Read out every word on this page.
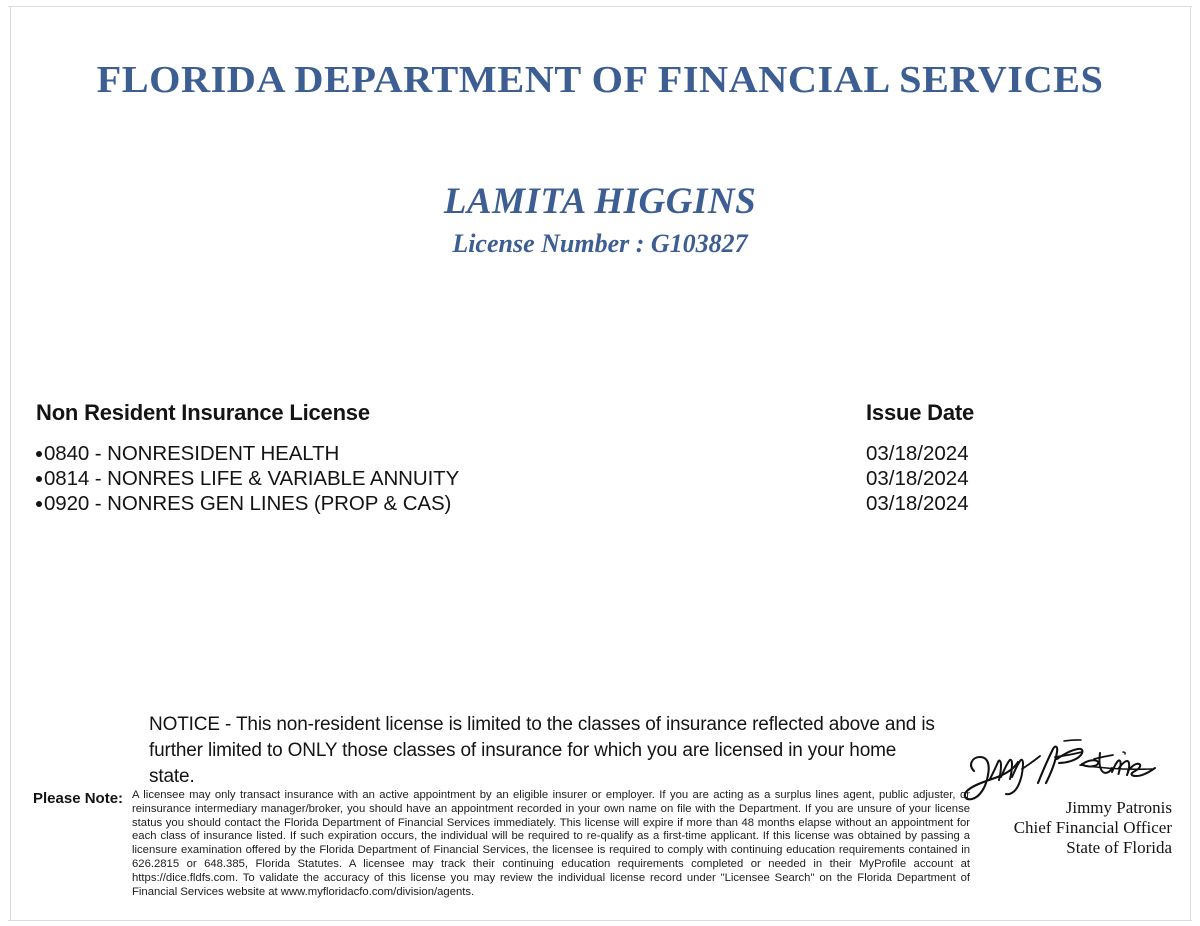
FLORIDA DEPARTMENT OF FINANCIAL SERVICES
LAMITA HIGGINS
License Number : G103827
Non Resident Insurance License
0840 - NONRESIDENT HEALTH
0814 - NONRES LIFE & VARIABLE ANNUITY
0920 - NONRES GEN LINES (PROP & CAS)
Issue Date
03/18/2024
03/18/2024
03/18/2024
NOTICE - This non-resident license is limited to the classes of insurance reflected above and is further limited to ONLY those classes of insurance for which you are licensed in your home state.
Please Note: A licensee may only transact insurance with an active appointment by an eligible insurer or employer. If you are acting as a surplus lines agent, public adjuster, or reinsurance intermediary manager/broker, you should have an appointment recorded in your own name on file with the Department. If you are unsure of your license status you should contact the Florida Department of Financial Services immediately. This license will expire if more than 48 months elapse without an appointment for each class of insurance listed. If such expiration occurs, the individual will be required to re-qualify as a first-time applicant. If this license was obtained by passing a licensure examination offered by the Florida Department of Financial Services, the licensee is required to comply with continuing education requirements contained in 626.2815 or 648.385, Florida Statutes. A licensee may track their continuing education requirements completed or needed in their MyProfile account at https://dice.fldfs.com. To validate the accuracy of this license you may review the individual license record under "Licensee Search" on the Florida Department of Financial Services website at www.myfloridacfo.com/division/agents.
Jimmy Patronis
Chief Financial Officer
State of Florida
